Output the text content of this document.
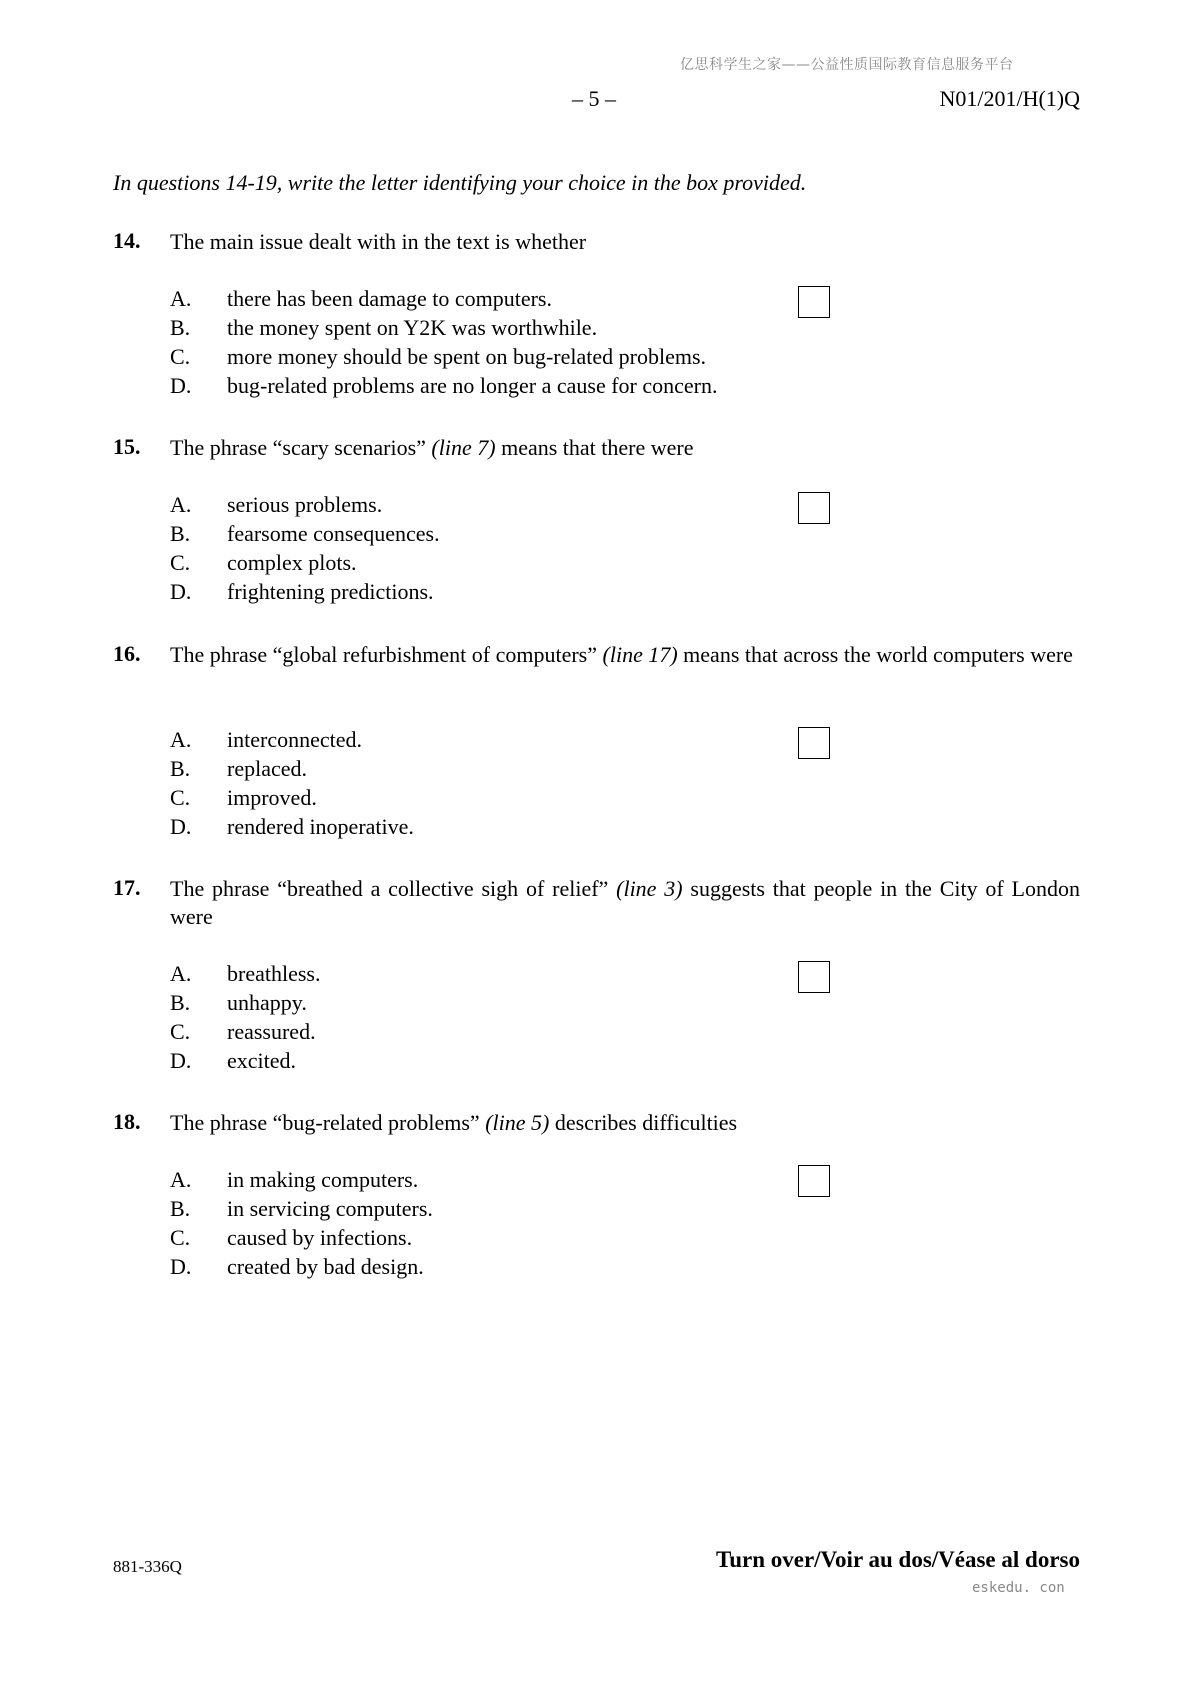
亿思科学生之家——公益性质国际教育信息服务平台
– 5 –	N01/201/H(1)Q
In questions 14-19, write the letter identifying your choice in the box provided.
14. The main issue dealt with in the text is whether
A. there has been damage to computers.
B. the money spent on Y2K was worthwhile.
C. more money should be spent on bug-related problems.
D. bug-related problems are no longer a cause for concern.
15. The phrase “scary scenarios” (line 7) means that there were
A. serious problems.
B. fearsome consequences.
C. complex plots.
D. frightening predictions.
16. The phrase “global refurbishment of computers” (line 17) means that across the world computers were
A. interconnected.
B. replaced.
C. improved.
D. rendered inoperative.
17. The phrase “breathed a collective sigh of relief” (line 3) suggests that people in the City of London were
A. breathless.
B. unhappy.
C. reassured.
D. excited.
18. The phrase “bug-related problems” (line 5) describes difficulties
A. in making computers.
B. in servicing computers.
C. caused by infections.
D. created by bad design.
881-336Q	Turn over/Voir au dos/Véase al dorso
eskedu. con
